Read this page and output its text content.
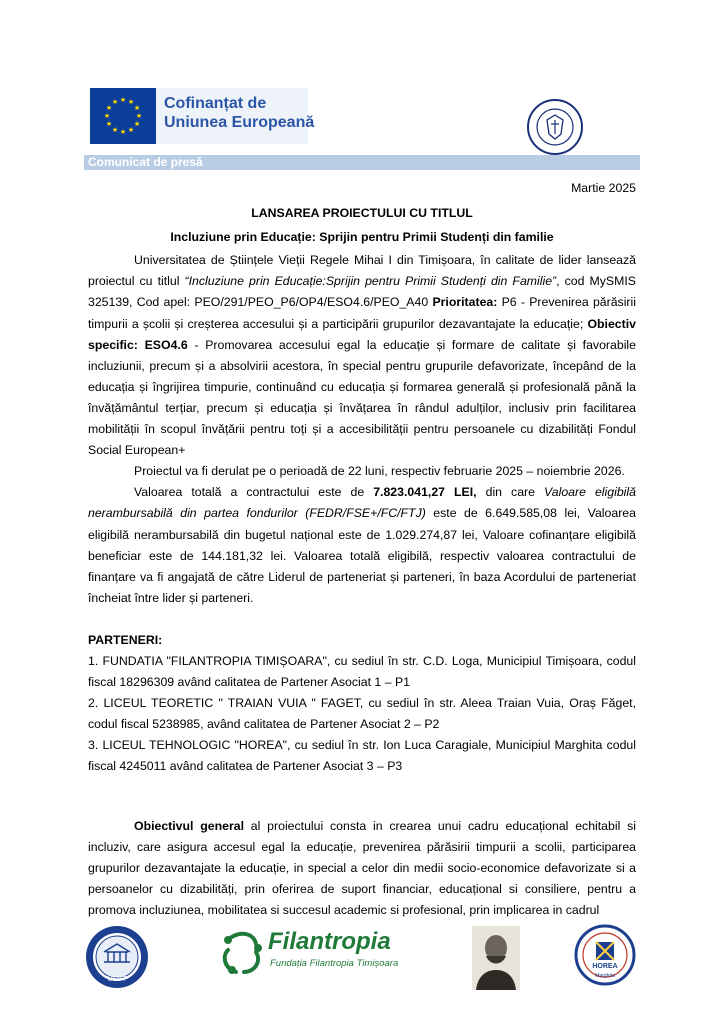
★ ★
★
★
★
★
★
★
★
★
★
★	Cofinanțat de
Uniunea Europeană
Comunicat de presă

Martie 2025

LANSAREA PROIECTULUI CU TITLUL

Incluziune prin Educație: Sprijin pentru Primii Studenți din familie

Universitatea de Științele Vieții Regele Mihai I din Timișoara, în calitate de lider lansează proiectul cu titlul “Incluziune prin Educație:Sprijin pentru Primii Studenți din Familie”, cod MySMIS 325139, Cod apel: PEO/291/PEO_P6/OP4/ESO4.6/PEO_A40 Prioritatea: P6 - Prevenirea părăsirii timpurii a școlii și creșterea accesului și a participării grupurilor dezavantajate la educație; Obiectiv specific: ESO4.6 - Promovarea accesului egal la educație și formare de calitate și favorabile incluziunii, precum și a absolvirii acestora, în special pentru grupurile defavorizate, începând de la educația și îngrijirea timpurie, continuând cu educația și formarea generală și profesională până la învățământul terțiar, precum și educația și învățarea în rândul adulților, inclusiv prin facilitarea mobilității în scopul învățării pentru toți și a accesibilității pentru persoanele cu dizabilități Fondul Social European+

Proiectul va fi derulat pe o perioadă de 22 luni, respectiv februarie 2025 – noiembrie 2026.

Valoarea totală a contractului este de 7.823.041,27 LEI, din care Valoare eligibilă nerambursabilă din partea fondurilor (FEDR/FSE+/FC/FTJ) este de 6.649.585,08 lei, Valoarea eligibilă nerambursabilă din bugetul național este de 1.029.274,87 lei, Valoare cofinanțare eligibilă beneficiar este de 144.181,32 lei. Valoarea totală eligibilă, respectiv valoarea contractului de finanțare va fi angajată de către Liderul de parteneriat și parteneri, în baza Acordului de parteneriat încheiat între lider și parteneri.

PARTENERI:

1. FUNDATIA "FILANTROPIA TIMIȘOARA", cu sediul în str. C.D. Loga, Municipiul Timișoara, codul fiscal 18296309 având calitatea de Partener Asociat 1 – P1

2. LICEUL TEORETIC " TRAIAN VUIA " FAGET, cu sediul în str. Aleea Traian Vuia, Oraș Făget, codul fiscal 5238985, având calitatea de Partener Asociat 2 – P2

3. LICEUL TEHNOLOGIC "HOREA", cu sediul în str. Ion Luca Caragiale, Municipiul Marghita codul fiscal 4245011 având calitatea de Partener Asociat 3 – P3

Obiectivul general al proiectului consta in crearea unui cadru educațional echitabil si incluziv, care asigura accesul egal la educație, prevenirea părăsirii timpurii a scolii, participarea grupurilor dezavantajate la educație, in special a celor din medii socio-economice defavorizate si a persoanelor cu dizabilități, prin oferirea de suport financiar, educațional si consiliere, pentru a promova incluziunea, mobilitatea si succesul academic si profesional, prin implicarea in cadrul

USVT
Filantropia
Fundația Filantropia Timișoara	HOREA
Marghita
